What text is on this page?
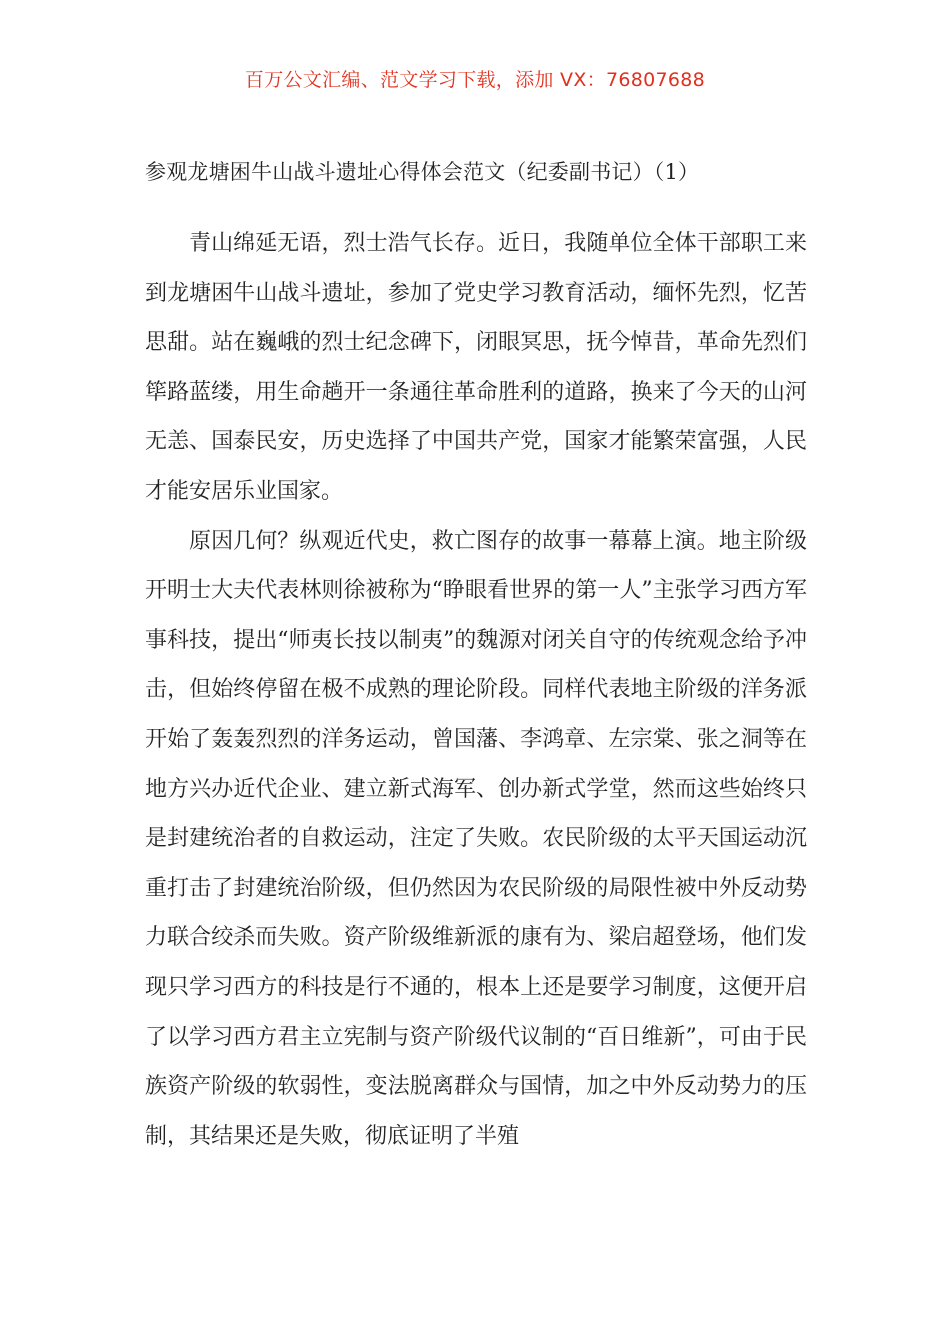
百万公文汇编、范文学习下载，添加 VX：76807688
参观龙塘困牛山战斗遗址心得体会范文（纪委副书记）（1）

青山绵延无语，烈士浩气长存。近日，我随单位全体干部职工来到龙塘困牛山战斗遗址，参加了党史学习教育活动，缅怀先烈，忆苦思甜。站在巍峨的烈士纪念碑下，闭眼冥思，抚今悼昔，革命先烈们筚路蓝缕，用生命趟开一条通往革命胜利的道路，换来了今天的山河无恙、国泰民安，历史选择了中国共产党，国家才能繁荣富强，人民才能安居乐业国家。

原因几何？纵观近代史，救亡图存的故事一幕幕上演。地主阶级开明士大夫代表林则徐被称为“睁眼看世界的第一人”主张学习西方军事科技，提出“师夷长技以制夷”的魏源对闭关自守的传统观念给予冲击，但始终停留在极不成熟的理论阶段。同样代表地主阶级的洋务派开始了轰轰烈烈的洋务运动，曾国藩、李鸿章、左宗棠、张之洞等在地方兴办近代企业、建立新式海军、创办新式学堂，然而这些始终只是封建统治者的自救运动，注定了失败。农民阶级的太平天国运动沉重打击了封建统治阶级，但仍然因为农民阶级的局限性被中外反动势力联合绞杀而失败。资产阶级维新派的康有为、梁启超登场，他们发现只学习西方的科技是行不通的，根本上还是要学习制度，这便开启了以学习西方君主立宪制与资产阶级代议制的“百日维新”，可由于民族资产阶级的软弱性，变法脱离群众与国情，加之中外反动势力的压制，其结果还是失败，彻底证明了半殖
